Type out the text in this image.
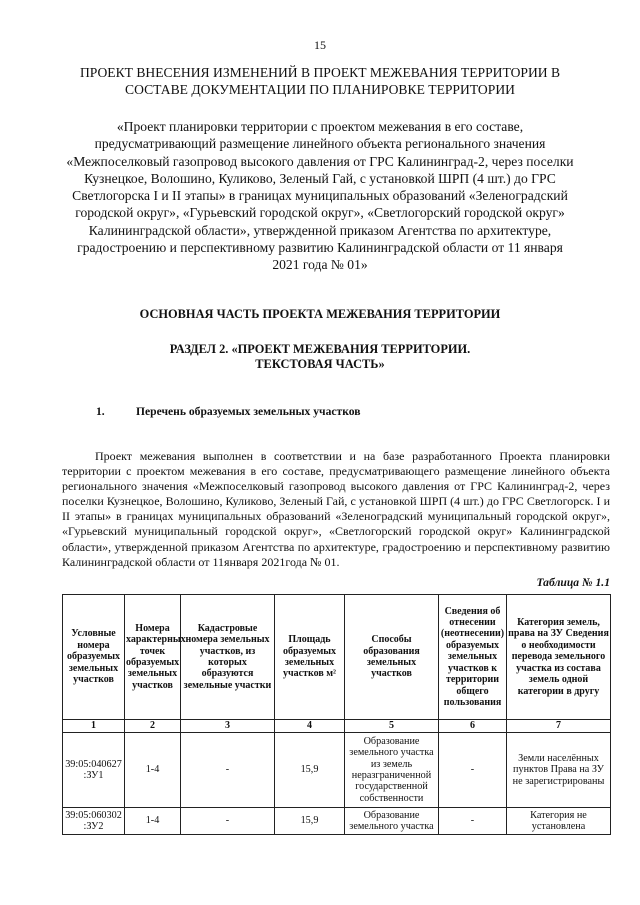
15
ПРОЕКТ ВНЕСЕНИЯ ИЗМЕНЕНИЙ В ПРОЕКТ МЕЖЕВАНИЯ ТЕРРИТОРИИ В СОСТАВЕ ДОКУМЕНТАЦИИ ПО ПЛАНИРОВКЕ ТЕРРИТОРИИ
«Проект планировки территории с проектом межевания в его составе, предусматривающий размещение линейного объекта регионального значения «Межпоселковый газопровод высокого давления от ГРС Калининград-2, через поселки Кузнецкое, Волошино, Куликово, Зеленый Гай, с установкой ШРП (4 шт.) до ГРС Светлогорска I и II этапы» в границах муниципальных образований «Зеленоградский городской округ», «Гурьевский городской округ», «Светлогорский городской округ» Калининградской области», утвержденной приказом Агентства по архитектуре, градостроению и перспективному развитию Калининградской области от 11 января 2021 года № 01»
ОСНОВНАЯ ЧАСТЬ ПРОЕКТА МЕЖЕВАНИЯ ТЕРРИТОРИИ
РАЗДЕЛ 2. «ПРОЕКТ МЕЖЕВАНИЯ ТЕРРИТОРИИ.
ТЕКСТОВАЯ ЧАСТЬ»
1.	Перечень образуемых земельных участков
Проект межевания выполнен в соответствии и на базе разработанного Проекта планировки территории с проектом межевания в его составе, предусматривающего размещение линейного объекта регионального значения «Межпоселковый газопровод высокого давления от ГРС Калининград-2, через поселки Кузнецкое, Волошино, Куликово, Зеленый Гай, с установкой ШРП (4 шт.) до ГРС Светлогорск. I и II этапы» в границах муниципальных образований «Зеленоградский муниципальный городской округ», «Гурьевский муниципальный городской округ», «Светлогорский городской округ» Калининградской области», утвержденной приказом Агентства по архитектуре, градостроению и перспективному развитию Калининградской области от 11января 2021года № 01.
Таблица № 1.1
Условные номера образуемых земельных участков	Номера характерных точек образуемых земельных участков	Кадастровые номера земельных участков, из которых образуются земельные участки	Площадь образуемых земельных участков м²	Способы образования земельных участков	Сведения об отнесении (неотнесении) образуемых земельных участков к территории общего пользования	Категория земель, права на ЗУ Сведения о необходимости перевода земельного участка из состава земель одной категории в другу
1	2	3	4	5	6	7
39:05:040627 :ЗУ1	1-4	-	15,9	Образование земельного участка из земель неразграниченной государственной собственности	-	Земли населённых пунктов Права на ЗУ не зарегистрированы
39:05:060302 :ЗУ2	1-4	-	15,9	Образование земельного участка	-	Категория не установлена
